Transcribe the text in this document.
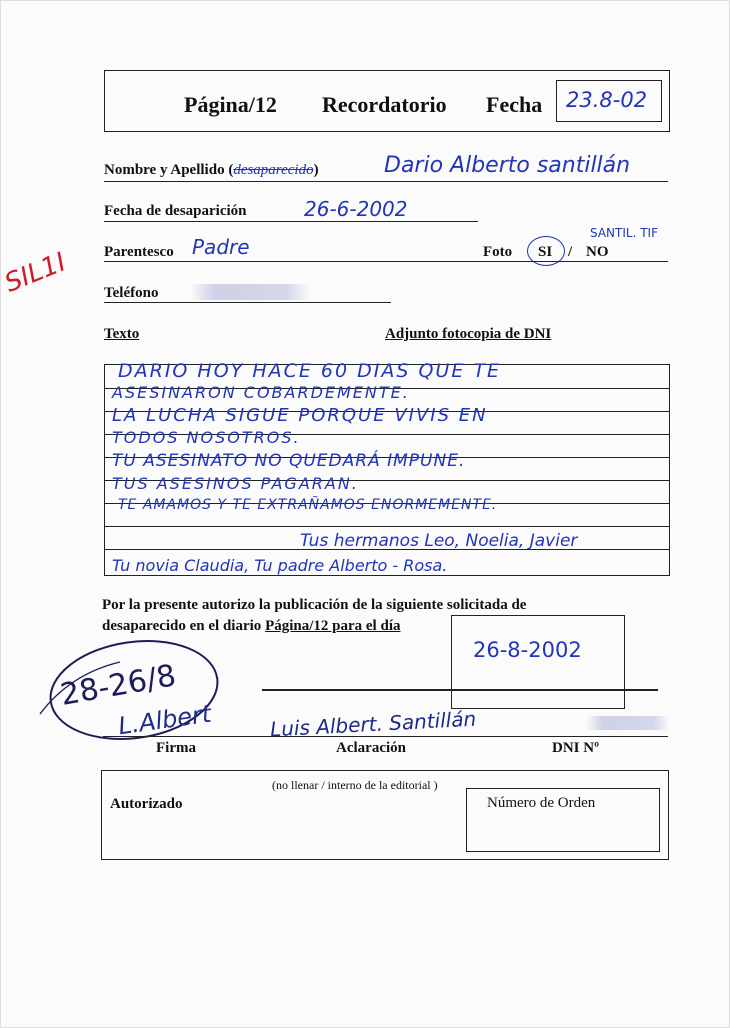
Página/12 Recordatorio Fecha 23.8-02
SIL1I
Nombre y Apellido (desaparecido)	Dario Alberto santillán
Fecha de desaparición	26-6-2002
Parentesco Padre
SANTIL. TIF
Foto SI / NO
Teléfono
Texto	Adjunto fotocopia de DNI
DARIO HOY HACE 60 DIAS QUE TE
ASESINARON COBARDEMENTE.
LA LUCHA SIGUE PORQUE VIVIS EN
TODOS NOSOTROS.
TU ASESINATO NO QUEDARÁ IMPUNE.
TUS ASESINOS PAGARAN.
TE AMAMOS Y TE EXTRAÑAMOS ENORMEMENTE.
Tus hermanos Leo, Noelia, Javier
Tu novia Claudia, Tu padre Alberto - Rosa.
Por la presente autorizo la publicación de la siguiente solicitada de
desaparecido en el diario Página/12 para el día
26-8-2002
28-26/8
L.Albert	Luis Albert. Santillán
Firma	Aclaración	DNI Nº
(no llenar / interno de la editorial )
Autorizado	Número de Orden
